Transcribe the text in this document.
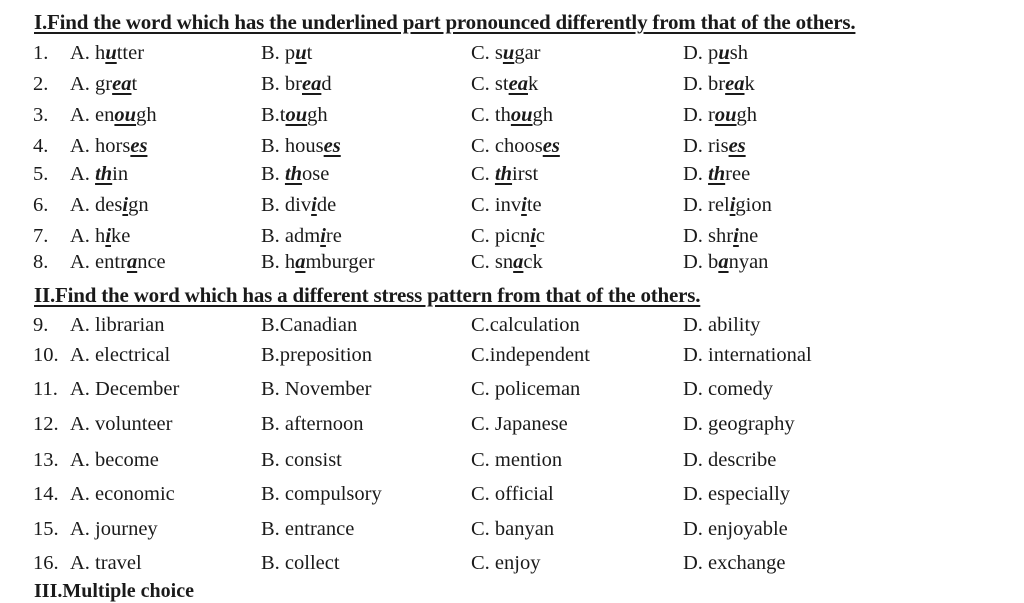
I.Find the word which has the underlined part pronounced differently from that of the others.
1. A. hutter	B. put	C. sugar	D. push
2. A. great	B. bread	C. steak	D. break
3. A. enough	B.tough	C. though	D. rough
4. A. horses	B. houses	C. chooses	D. rises
5. A. thin	B. those	C. thirst	D. three
6. A. design	B. divide	C. invite	D. religion
7. A. hike	B. admire	C. picnic	D. shrine
8. A. entrance	B. hamburger	C. snack	D. banyan
II.Find the word which has a different stress pattern from that of the others.
9. A. librarian	B.Canadian	C.calculation	D. ability
10. A. electrical	B.preposition	C.independent	D. international
11. A. December	B. November	C. policeman	D. comedy
12. A. volunteer	B. afternoon	C. Japanese	D. geography
13. A. become	B. consist	C. mention	D. describe
14. A. economic	B. compulsory	C. official	D. especially
15. A. journey	B. entrance	C. banyan	D. enjoyable
16. A. travel	B. collect	C. enjoy	D. exchange
III.Multiple choice
